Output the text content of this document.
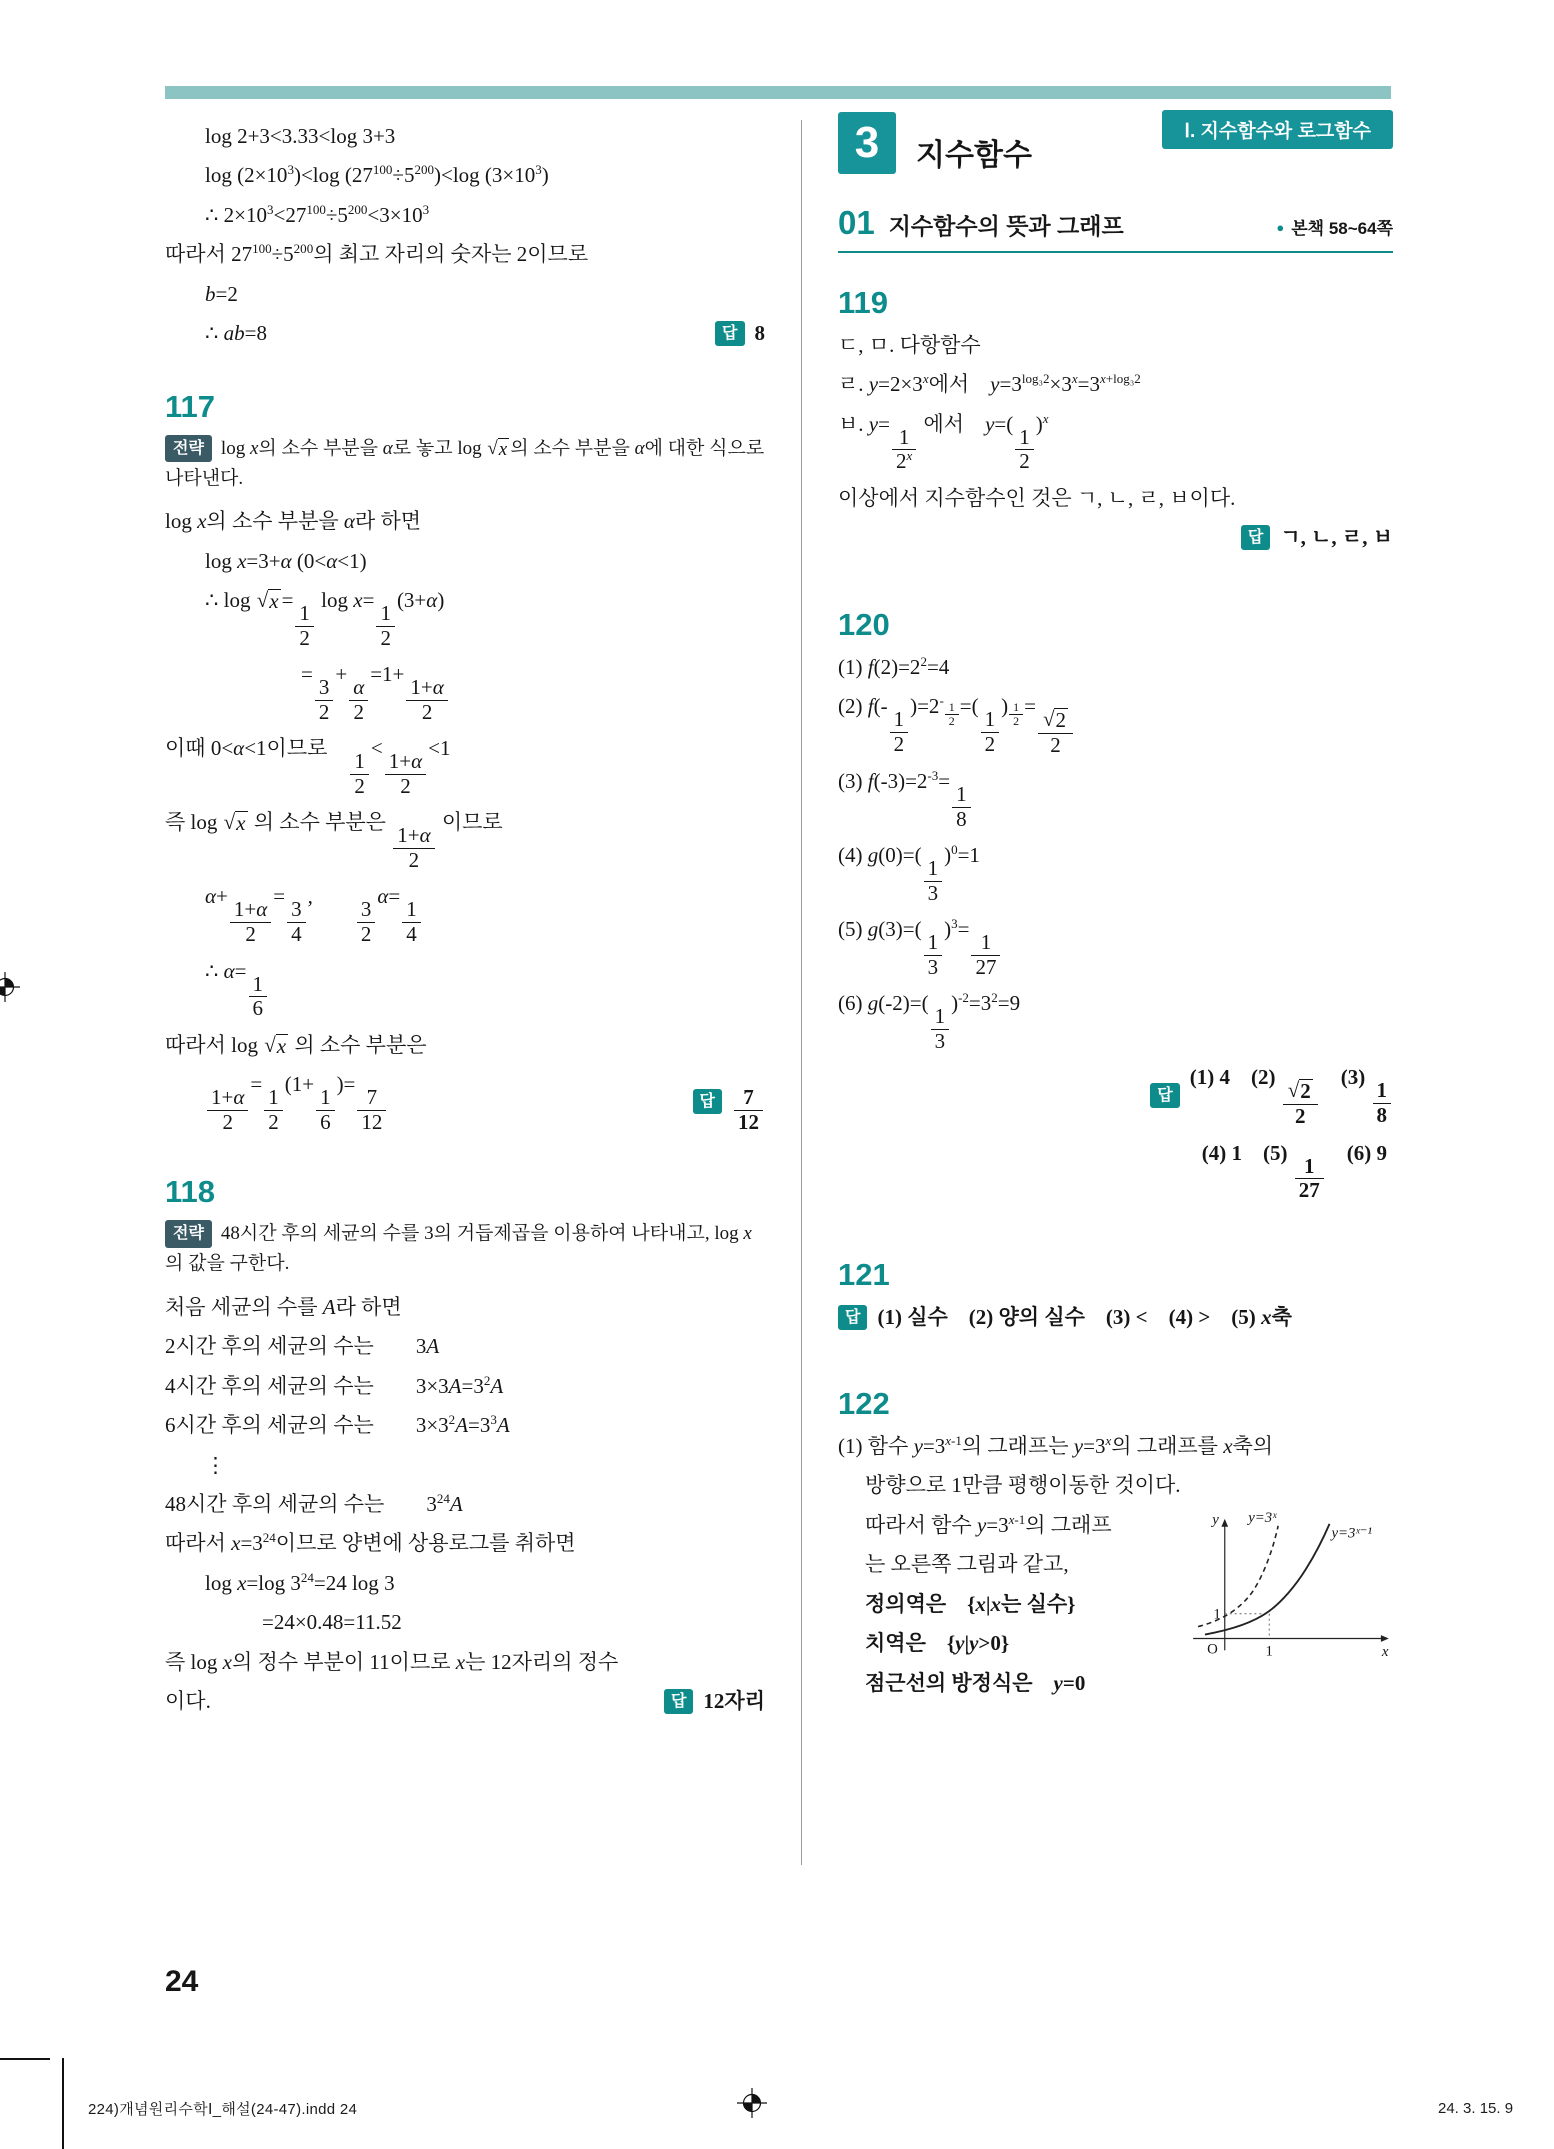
log 2+3<3.33<log 3+3
$\log (2\times 10^3)<\log$ $(27^{100}\div 5^{200})<\log$ $(3\times 10^3)$
∴ $2\times 10^3<27^{100}\div 5^{200}<3\times 10^3$
따라서 $27^{100}\div 5^{200}$의 최고 자리의 숫자는 2이므로
b=2
∴ ab=8	답 8
117
전략 log x의 소수 부분을 α로 놓고 log √ x 의 소수 부분을 α에 대한 식으로 나타낸다.
log x의 소수 부분을 α라 하면
log x=3+α (0<α<1)
∴ log √ x =
$\frac{1}{2}$
log x=
$\frac{1}{2}$
(3+α)
=
$\frac{3}{2}$
+
$\frac{\alpha}{2}$
=1+
$\frac{1+\alpha}{2}$
이때 0<α<1이므로 
$\frac{1}{2}$
<
$\frac{1+\alpha}{2}$
<1
즉 log √ x 의 소수 부분은
$\frac{1+\alpha}{2}$
이므로
α+
$\frac{1+\alpha}{2}$
=
$\frac{3}{4}$
,  
$\frac{3}{2}$
α=
$\frac{1}{4}$
∴ α=
$\frac{1}{6}$
따라서 log √ x 의 소수 부분은
$\frac{1+\alpha}{2}$
=
$\frac{1}{2}$
(1+
$\frac{1}{6}$
)=
$\frac{7}{12}$	답 $\frac{7}{12}$
118
전략 48시간 후의 세균의 수를 3의 거듭제곱을 이용하여 나타내고, log x의 값을 구한다.
처음 세균의 수를 A라 하면
2시간 후의 세균의 수는  3A
4시간 후의 세균의 수는  $3\times 3A=3^2A$
6시간 후의 세균의 수는  $3\times 3^2A=3^3A$
⋮
48시간 후의 세균의 수는  $3^{24}A$
따라서 $x=3^{24}$이므로 양변에 상용로그를 취하면
log x=log $3^{24}=24$ log 3
=24×0.48=11.52
즉 log x의 정수 부분이 11이므로 x는 12자리의 정수
이다.	답 12자리
3	지수함수
Ⅰ. 지수함수와 로그함수
01 지수함수의 뜻과 그래프	● 본책 58~64쪽
119
ㄷ, ㅁ. 다항함수
ㄹ. $y=2\times 3^x$에서 $y=3^{log_32}\times 3^x=3^{x+log_32}$
ㅂ. y=
$\frac{1}{2^x}$
에서 y=(
$\frac{1}{2}$
)$^x$
이상에서 지수함수인 것은 ㄱ, ㄴ, ㄹ, ㅂ이다.
답 ㄱ, ㄴ, ㄹ, ㅂ
120
(1) $f(2)=2^2=4$
(2) f(-
$\frac{1}{2}$
)$=2^{- \frac{1}{2}}$ =(
$\frac{1}{2}$
) $^{\frac{1}{2}}$ =
$\frac{√ 2}{2}$
(3) $f(-3)=2^{-3}=$
$\frac{1}{8}$
(4) g(0)=(
$\frac{1}{3}$
)$^0$=1
(5) g(3)=(
$\frac{1}{3}$
)$^3$=
$\frac{1}{27}$
(6) g(-2)=(
$\frac{1}{3}$
)$^{-2}=3^2=9$
답
(1) 4 (2)
$\frac{√ 2}{2}$
 (3)
$\frac{1}{8}$
(4) 1 (5)
$\frac{1}{27}$
 (6) 9
121
답 (1) 실수 (2) 양의 실수 (3) < (4) > (5) x축
122
(1) 함수 $y=3^{x-1}$의 그래프는 $y=3^x$의 그래프를 x축의
방향으로 1만큼 평행이동한 것이다.
y
x
O
1
1
y=3ˣ
y=3ˣ⁻¹
따라서 함수 $y=3^{x-1}$의 그래프
는 오른쪽 그림과 같고,
정의역은 {x|x는 실수}
치역은 {y|y>0}
점근선의 방정식은 y=0
24
224)개념원리수학Ⅰ_해설(24-47).indd 24	24. 3. 15. 9
